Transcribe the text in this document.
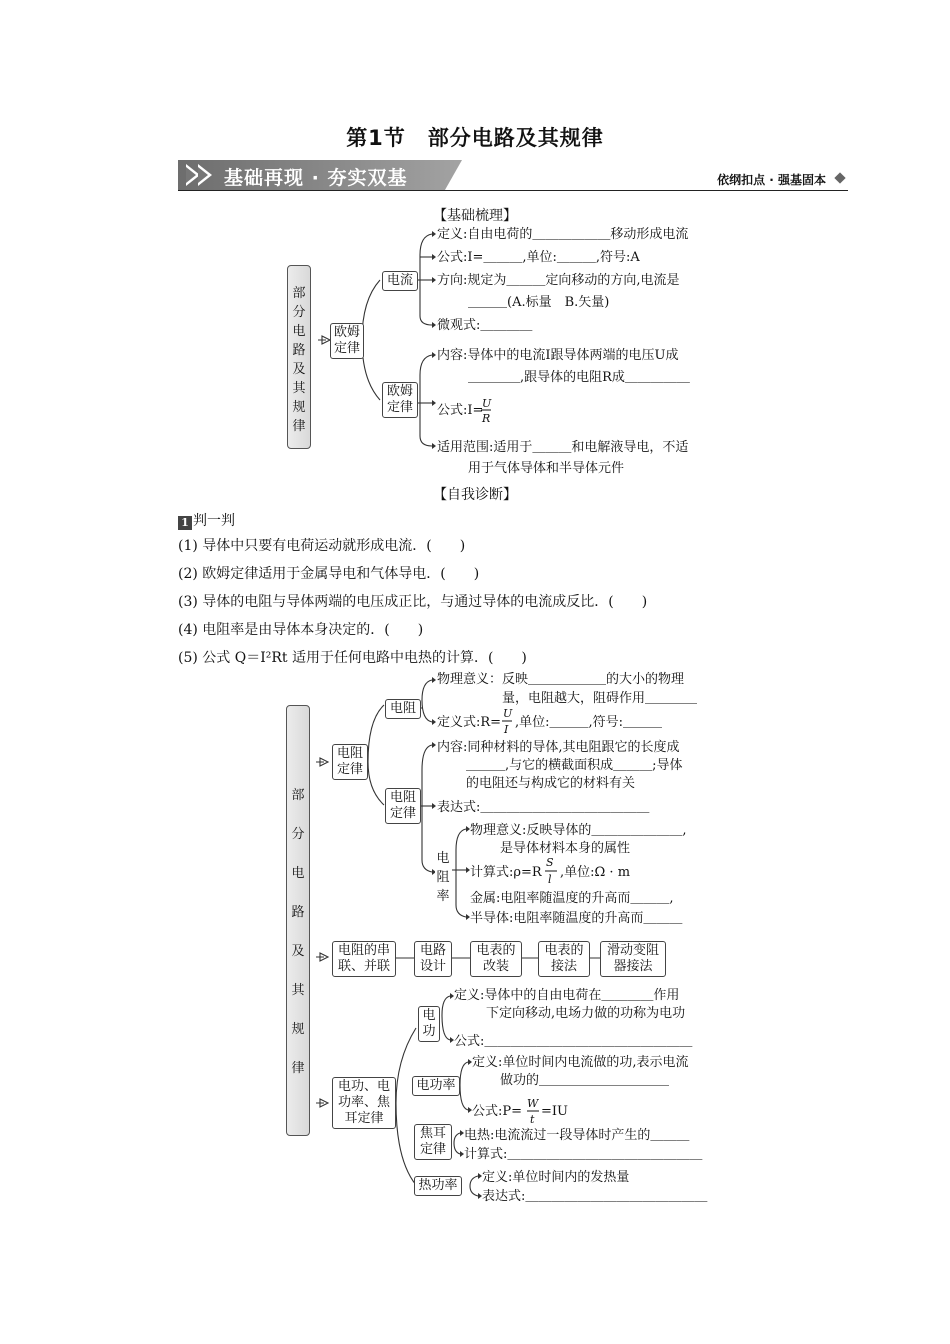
第1节　部分电路及其规律
基础再现 · 夯实双基	依纲扣点 · 强基固本
【基础梳理】
部分电路及其规律
欧姆定律
电流
欧姆定律
定义:自由电荷的＿＿＿＿＿＿移动形成电流
公式:I=＿＿＿,单位:＿＿＿,符号:A
方向:规定为＿＿＿定向移动的方向,电流是
＿＿＿(A.标量　B.矢量)
微观式:＿＿＿＿
内容:导体中的电流I跟导体两端的电压U成
＿＿＿＿,跟导体的电阻R成＿＿＿＿＿
公式:I=
U
R
适用范围:适用于＿＿＿和电解液导电，不适
用于气体导体和半导体元件
【自我诊断】
1 判一判
(1) 导体中只要有电荷运动就形成电流．(　　)
(2) 欧姆定律适用于金属导电和气体导电．(　　)
(3) 导体的电阻与导体两端的电压成正比，与通过导体的电流成反比．(　　)
(4) 电阻率是由导体本身决定的．(　　)
(5) 公式 Q＝I²Rt 适用于任何电路中电热的计算．(　　)
部分电路及其规律
电阻定律
电阻
电阻定律
电阻率
物理意义：反映＿＿＿＿＿＿的大小的物理
量，电阻越大，阻碍作用＿＿＿＿
定义式:R=
U
I ,单位:＿＿＿,符号:＿＿＿
内容:同种材料的导体,其电阻跟它的长度成
＿＿＿,与它的横截面积成＿＿＿;导体
的电阻还与构成它的材料有关
表达式:＿＿＿＿＿＿＿＿＿＿＿＿＿
物理意义:反映导体的＿＿＿＿＿＿＿,
是导体材料本身的属性
计算式:ρ=R
S
l ,单位:Ω · m
金属:电阻率随温度的升高而＿＿＿,
半导体:电阻率随温度的升高而＿＿＿
电阻的串联、并联
电路设计
电表的改装
电表的接法
滑动变阻器接法
电功、电功率、焦耳定律
电功
电功率
焦耳定律
热功率
定义:导体中的自由电荷在＿＿＿＿作用
下定向移动,电场力做的功称为电功
公式:＿＿＿＿＿＿＿＿＿＿＿＿＿＿＿＿
定义:单位时间内电流做的功,表示电流
做功的＿＿＿＿＿＿＿＿＿＿
公式:P=
W
t
=IU
电热:电流流过一段导体时产生的＿＿＿
计算式:＿＿＿＿＿＿＿＿＿＿＿＿＿＿＿
定义:单位时间内的发热量
表达式:＿＿＿＿＿＿＿＿＿＿＿＿＿＿
